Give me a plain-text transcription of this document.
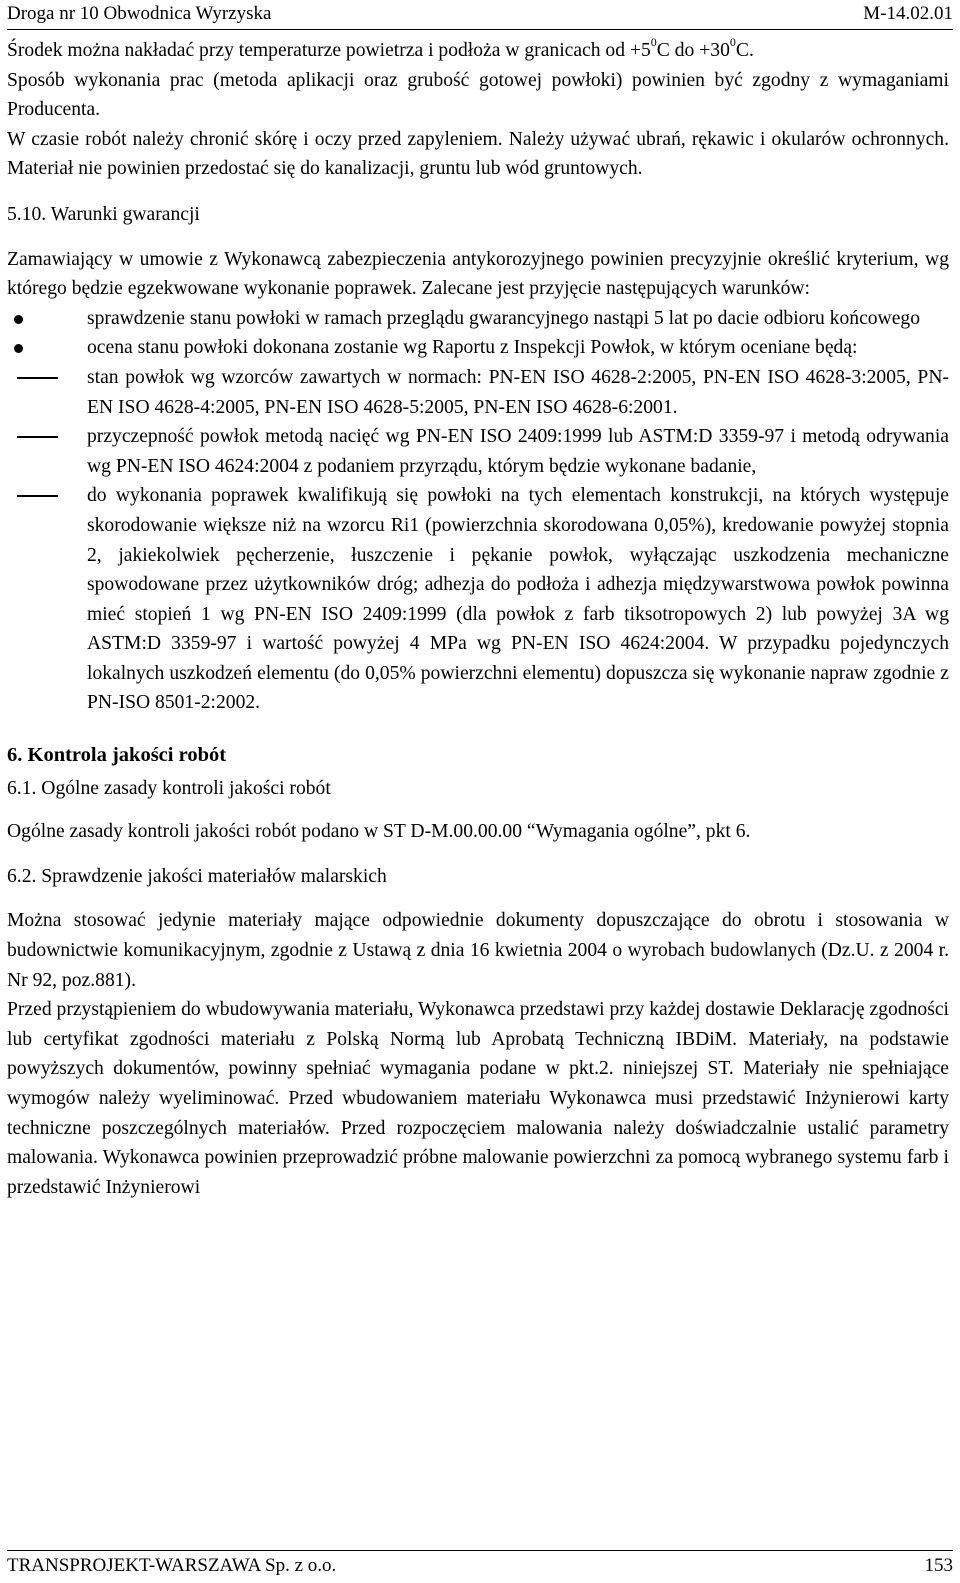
Droga nr 10 Obwodnica Wyrzyska	M-14.02.01

Środek można nakładać przy temperaturze powietrza i podłoża w granicach od $+5^0C$ do $+30^0C$.

Sposób wykonania prac (metoda aplikacji oraz grubość gotowej powłoki) powinien być zgodny z wymaganiami Producenta.

W czasie robót należy chronić skórę i oczy przed zapyleniem. Należy używać ubrań, rękawic i okularów ochronnych. Materiał nie powinien przedostać się do kanalizacji, gruntu lub wód gruntowych.

5.10. Warunki gwarancji

Zamawiający w umowie z Wykonawcą zabezpieczenia antykorozyjnego powinien precyzyjnie określić kryterium, wg którego będzie egzekwowane wykonanie poprawek. Zalecane jest przyjęcie następujących warunków:

sprawdzenie stanu powłoki w ramach przeglądu gwarancyjnego nastąpi 5 lat po dacie odbioru końcowego
ocena stanu powłoki dokonana zostanie wg Raportu z Inspekcji Powłok, w którym oceniane będą:
stan powłok wg wzorców zawartych w normach: PN-EN ISO 4628-2:2005, PN-EN ISO 4628-3:2005, PN-EN ISO 4628-4:2005, PN-EN ISO 4628-5:2005, PN-EN ISO 4628-6:2001.
przyczepność powłok metodą nacięć wg PN-EN ISO 2409:1999 lub ASTM:D 3359-97 i metodą odrywania wg PN-EN ISO 4624:2004 z podaniem przyrządu, którym będzie wykonane badanie,
do wykonania poprawek kwalifikują się powłoki na tych elementach konstrukcji, na których występuje skorodowanie większe niż na wzorcu Ri1 (powierzchnia skorodowana 0,05%), kredowanie powyżej stopnia 2, jakiekolwiek pęcherzenie, łuszczenie i pękanie powłok, wyłączając uszkodzenia mechaniczne spowodowane przez użytkowników dróg; adhezja do podłoża i adhezja międzywarstwowa powłok powinna mieć stopień 1 wg PN-EN ISO 2409:1999 (dla powłok z farb tiksotropowych 2) lub powyżej 3A wg ASTM:D 3359-97 i wartość powyżej 4 MPa wg PN-EN ISO 4624:2004. W przypadku pojedynczych lokalnych uszkodzeń elementu (do 0,05% powierzchni elementu) dopuszcza się wykonanie napraw zgodnie z PN-ISO 8501-2:2002.

6. Kontrola jakości robót

6.1. Ogólne zasady kontroli jakości robót

Ogólne zasady kontroli jakości robót podano w ST D-M.00.00.00 “Wymagania ogólne”, pkt 6.

6.2. Sprawdzenie jakości materiałów malarskich

Można stosować jedynie materiały mające odpowiednie dokumenty dopuszczające do obrotu i stosowania w budownictwie komunikacyjnym, zgodnie z Ustawą z dnia 16 kwietnia 2004 o wyrobach budowlanych (Dz.U. z 2004 r. Nr 92, poz.881).

Przed przystąpieniem do wbudowywania materiału, Wykonawca przedstawi przy każdej dostawie Deklarację zgodności lub certyfikat zgodności materiału z Polską Normą lub Aprobatą Techniczną IBDiM. Materiały, na podstawie powyższych dokumentów, powinny spełniać wymagania podane w pkt.2. niniejszej ST. Materiały nie spełniające wymogów należy wyeliminować. Przed wbudowaniem materiału Wykonawca musi przedstawić Inżynierowi karty techniczne poszczególnych materiałów. Przed rozpoczęciem malowania należy doświadczalnie ustalić parametry malowania. Wykonawca powinien przeprowadzić próbne malowanie powierzchni za pomocą wybranego systemu farb i przedstawić Inżynierowi

TRANSPROJEKT-WARSZAWA Sp. z o.o.	153
